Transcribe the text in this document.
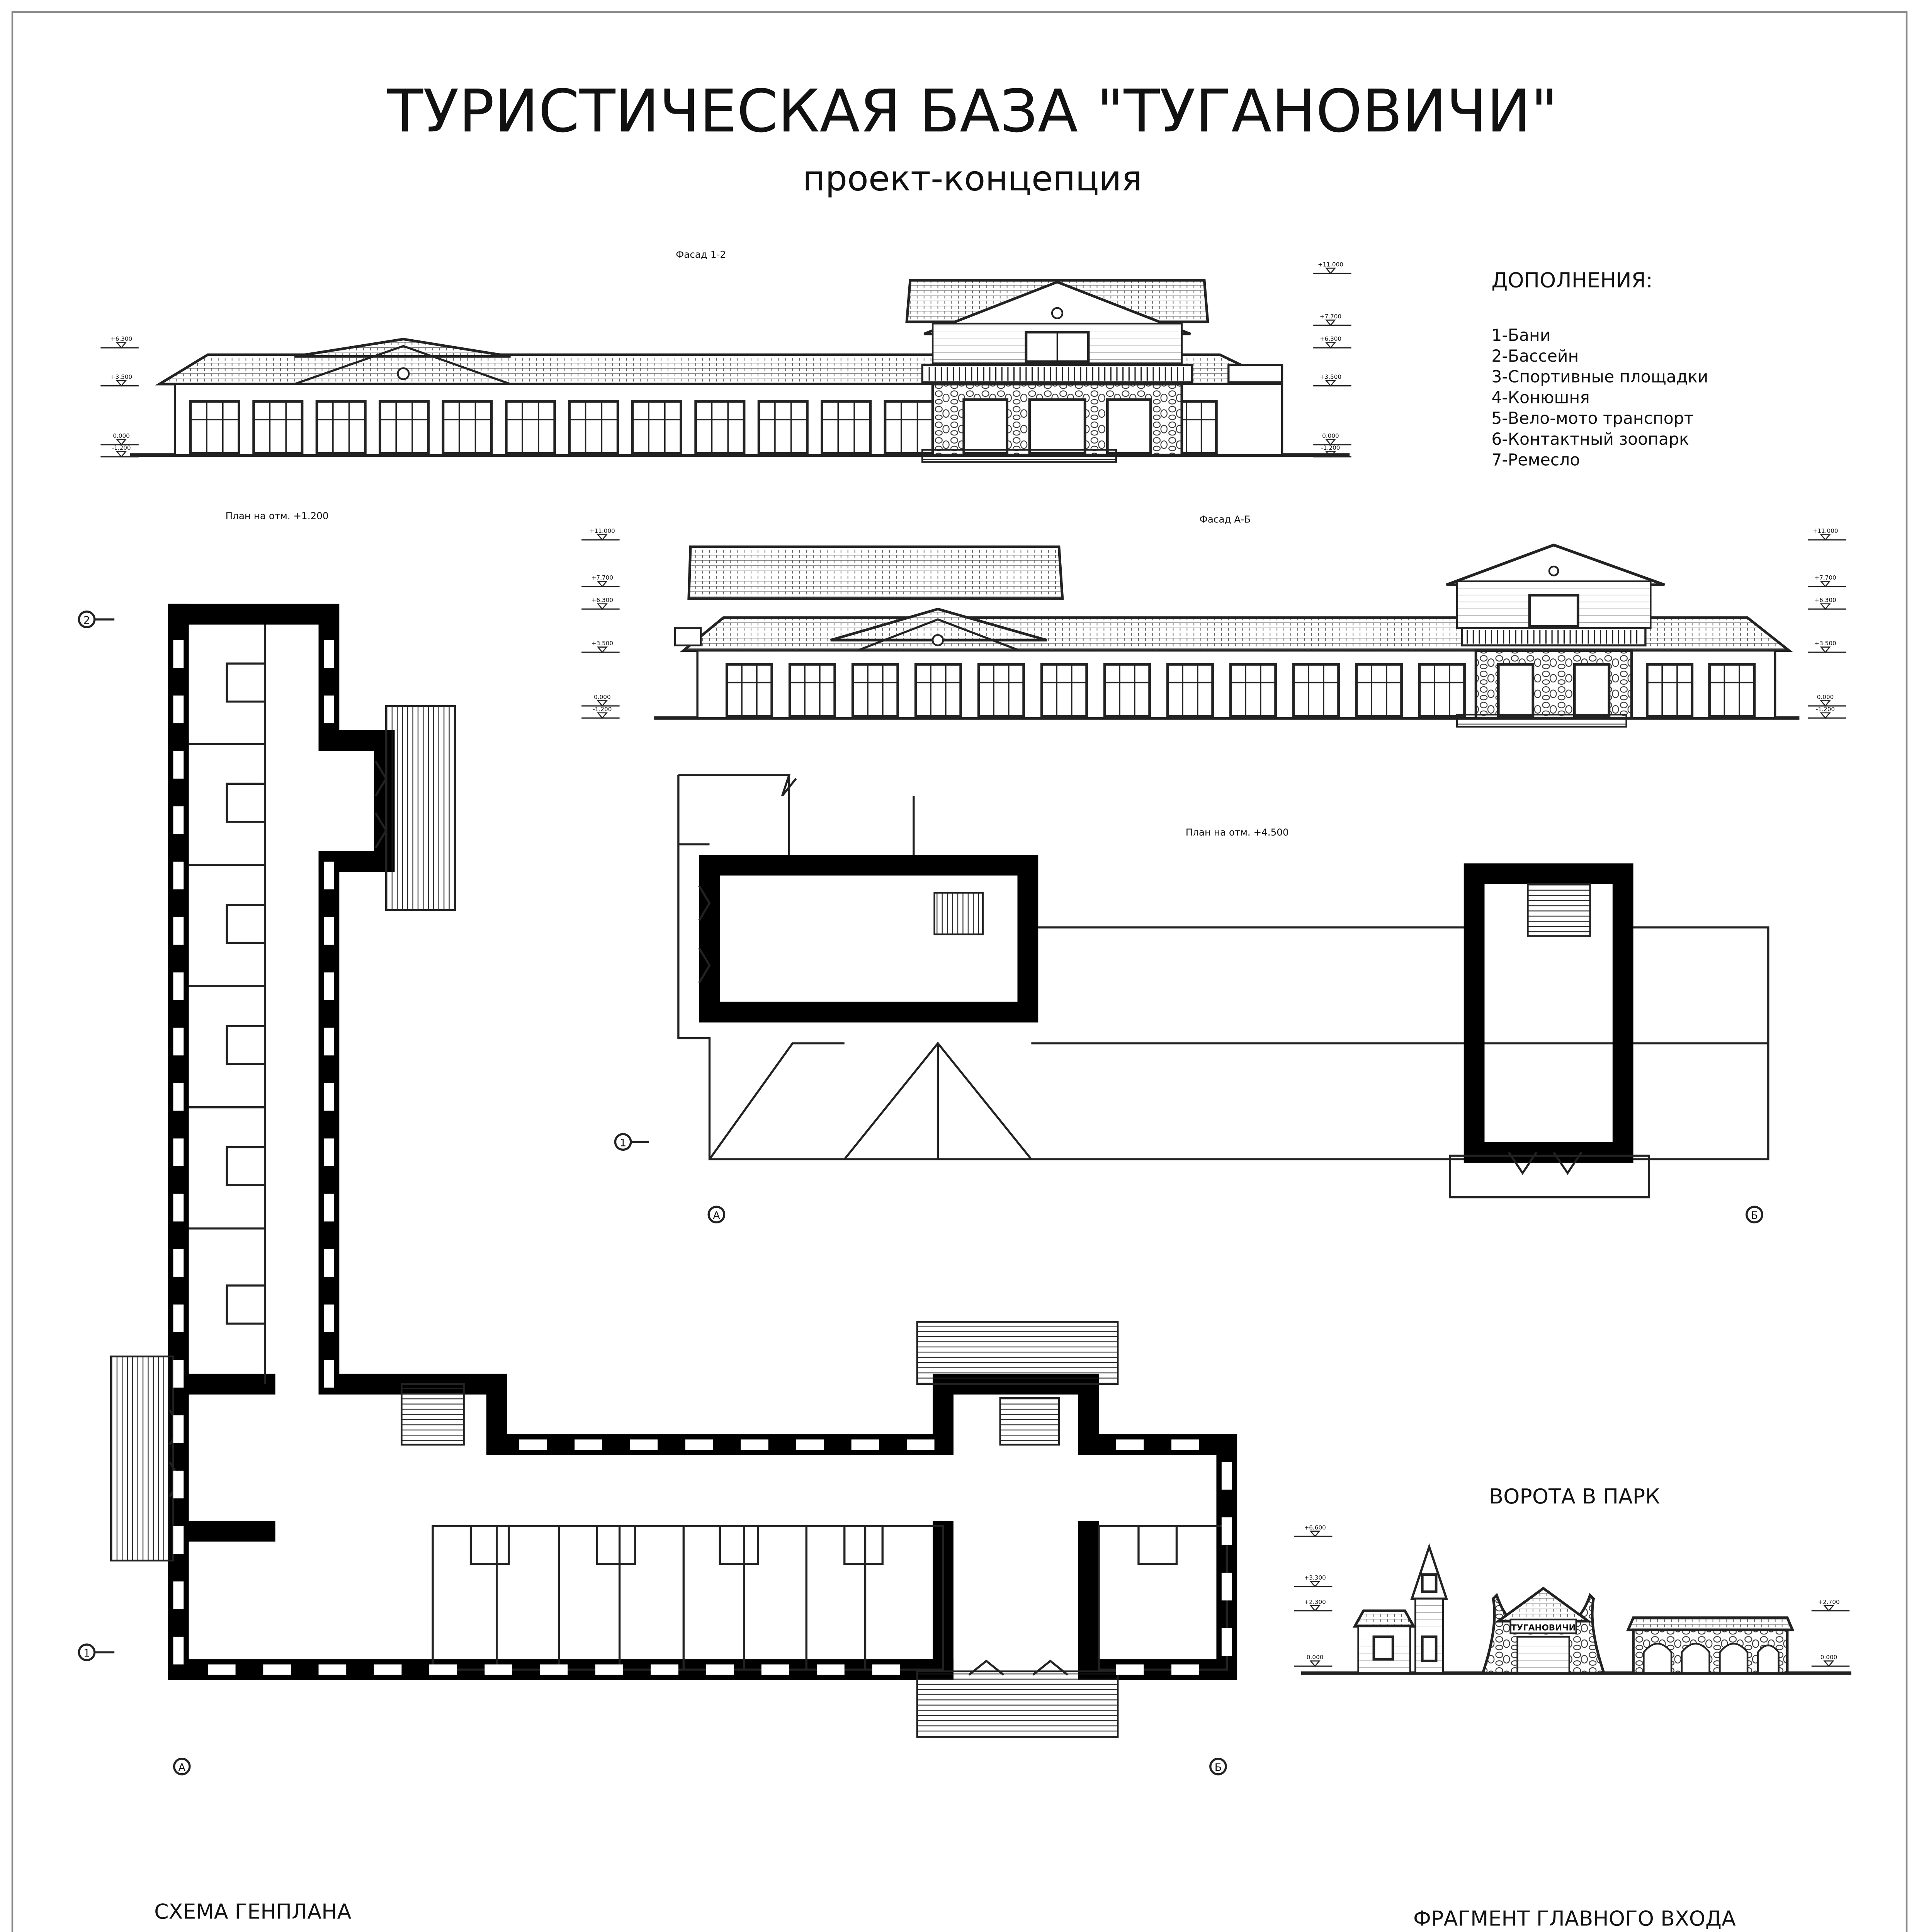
ТУРИСТИЧЕСКАЯ БАЗА "ТУГАНОВИЧИ"
проект-концепция
Фасад 1-2
+6.300
+3.500
0.000
-1.200
+11.000
+7.700
+6.300
+3.500
0.000
-1.200
ДОПОЛНЕНИЯ:
1-Бани
2-Бассейн
3-Спортивные площадки
4-Конюшня
5-Вело-мото транспорт
6-Контактный зоопарк
7-Ремесло
Фасад А-Б
+11.000
+7.700
+6.300
+3.500
0.000
-1.200
+11.000
+7.700
+6.300
+3.500
0.000
-1.200
План на отм. +1.200
2
1
А	Б
План на отм. +4.500
1
А	Б
ВОРОТА В ПАРК
ТУГАНОВИЧИ
+6.600
+3.300
+2.300
0.000
+2.700
0.000
СХЕМА ГЕНПЛАНА	ФРАГМЕНТ ГЛАВНОГО ВХОДА
